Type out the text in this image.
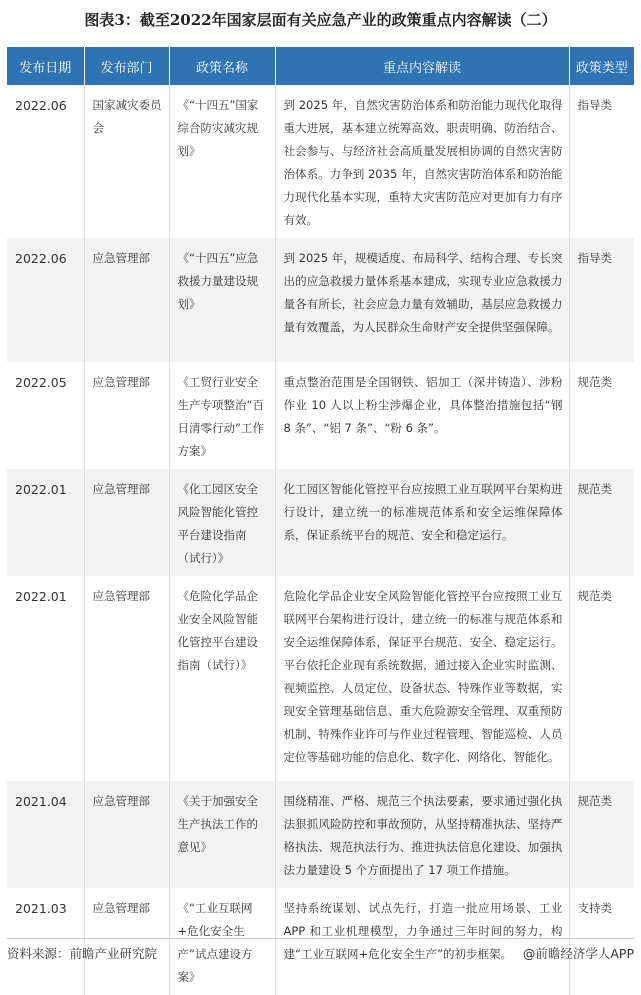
图表3：截至2022年国家层面有关应急产业的政策重点内容解读（二）
发布日期	发布部门	政策名称	重点内容解读	政策类型
2022.06	国家减灾委员会	《“十四五”国家综合防灾减灾规划》	到 2025 年，自然灾害防治体系和防治能力现代化取得重大进展，基本建立统筹高效、职责明确、防治结合、社会参与、与经济社会高质量发展相协调的自然灾害防治体系。力争到 2035 年，自然灾害防治体系和防治能力现代化基本实现，重特大灾害防范应对更加有力有序有效。	指导类
2022.06	应急管理部	《“十四五”应急救援力量建设规划》	到 2025 年，规模适度、布局科学、结构合理、专长突出的应急救援力量体系基本建成，实现专业应急救援力量各有所长，社会应急力量有效辅助，基层应急救援力量有效覆盖，为人民群众生命财产安全提供坚强保障。	指导类
2022.05	应急管理部	《工贸行业安全生产专项整治“百日清零行动”工作方案》	重点整治范围是全国钢铁、铝加工（深井铸造）、涉粉作业 10 人以上粉尘涉爆企业，具体整治措施包括“钢 8 条”、“铝 7 条”、“粉 6 条”。	规范类
2022.01	应急管理部	《化工园区安全风险智能化管控平台建设指南（试行）》	化工园区智能化管控平台应按照工业互联网平台架构进行设计，建立统一的标准规范体系和安全运维保障体系，保证系统平台的规范、安全和稳定运行。	规范类
2022.01	应急管理部	《危险化学品企业安全风险智能化管控平台建设指南（试行）》	危险化学品企业安全风险智能化管控平台应按照工业互联网平台架构进行设计，建立统一的标准与规范体系和安全运维保障体系，保证平台规范、安全、稳定运行。平台依托企业现有系统数据，通过接入企业实时监测、视频监控、人员定位、设备状态、特殊作业等数据，实现安全管理基础信息、重大危险源安全管理、双重预防机制、特殊作业许可与作业过程管理、智能巡检、人员定位等基础功能的信息化、数字化、网络化、智能化。	规范类
2021.04	应急管理部	《关于加强安全生产执法工作的意见》	围绕精准、严格、规范三个执法要素，要求通过强化执法狠抓风险防控和事故预防，从坚持精准执法、坚持严格执法、规范执法行为、推进执法信息化建设、加强执法力量建设 5 个方面提出了 17 项工作措施。	规范类
2021.03	应急管理部	《“工业互联网+危化安全生产”试点建设方案》	坚持系统谋划、试点先行，打造一批应用场景、工业 APP 和工业机理模型，力争通过三年时间的努力，构建“工业互联网+危化安全生产”的初步框架。	支持类
资料来源：前瞻产业研究院	@前瞻经济学人APP
